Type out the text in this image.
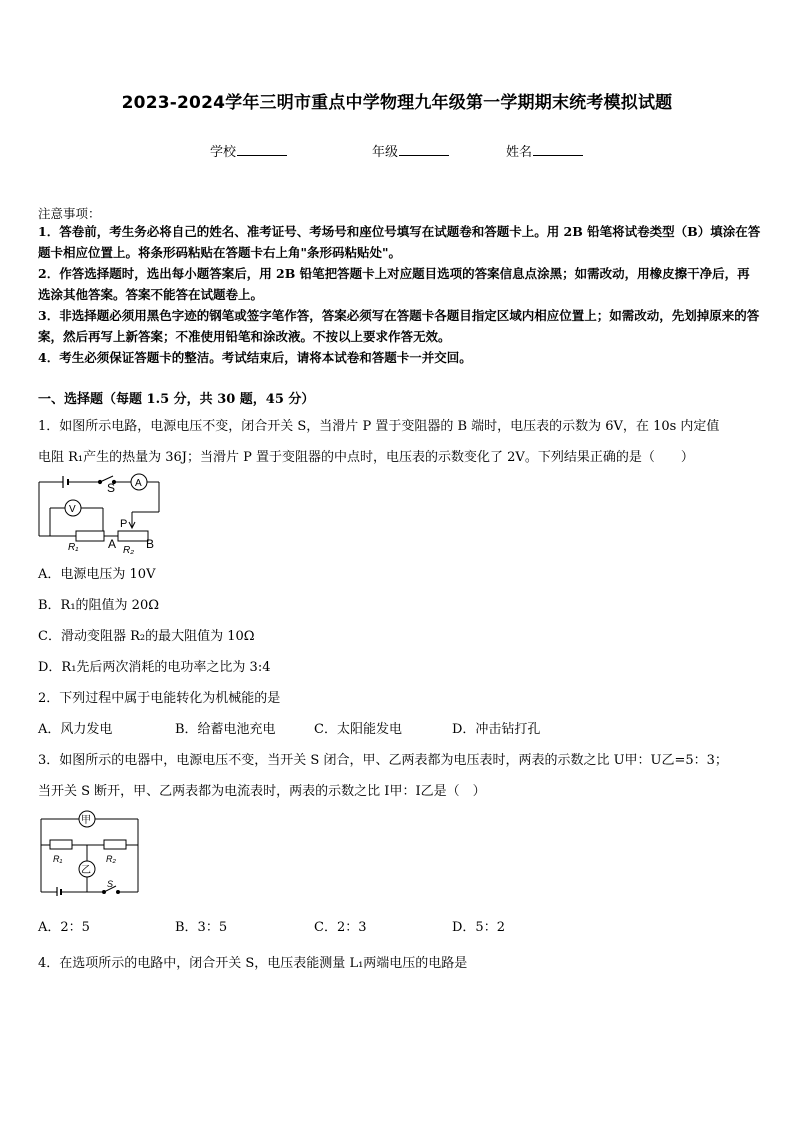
2023-2024学年三明市重点中学物理九年级第一学期期末统考模拟试题
学校	年级	姓名
注意事项：
1．答卷前，考生务必将自己的姓名、准考证号、考场号和座位号填写在试题卷和答题卡上。用 2B 铅笔将试卷类型（B）填涂在答题卡相应位置上。将条形码粘贴在答题卡右上角"条形码粘贴处"。
2．作答选择题时，选出每小题答案后，用 2B 铅笔把答题卡上对应题目选项的答案信息点涂黑；如需改动，用橡皮擦干净后，再选涂其他答案。答案不能答在试题卷上。
3．非选择题必须用黑色字迹的钢笔或签字笔作答，答案必须写在答题卡各题目指定区域内相应位置上；如需改动，先划掉原来的答案，然后再写上新答案；不准使用铅笔和涂改液。不按以上要求作答无效。
4．考生必须保证答题卡的整洁。考试结束后，请将本试卷和答题卡一并交回。
一、选择题（每题 1.5 分，共 30 题，45 分）
1．如图所示电路，电源电压不变，闭合开关 S，当滑片 P 置于变阻器的 B 端时，电压表的示数为 6V，在 10s 内定值
电阻 R₁产生的热量为 36J；当滑片 P 置于变阻器的中点时，电压表的示数变化了 2V。下列结果正确的是（　　）
S A
V
P
A B
R₁	R₂
A．电源电压为 10V
B．R₁的阻值为 20Ω
C．滑动变阻器 R₂的最大阻值为 10Ω
D．R₁先后两次消耗的电功率之比为 3:4
2．下列过程中属于电能转化为机械能的是
A．风力发电	B．给蓄电池充电	C．太阳能发电	D．冲击钻打孔
3．如图所示的电器中，电源电压不变，当开关 S 闭合，甲、乙两表都为电压表时，两表的示数之比 U甲：U乙=5：3；
当开关 S 断开，甲、乙两表都为电流表时，两表的示数之比 I甲：I乙是（　）
甲
乙
R₁	R₂
S
A．2：5	B．3：5	C．2：3	D．5：2
4．在选项所示的电路中，闭合开关 S，电压表能测量 L₁两端电压的电路是
